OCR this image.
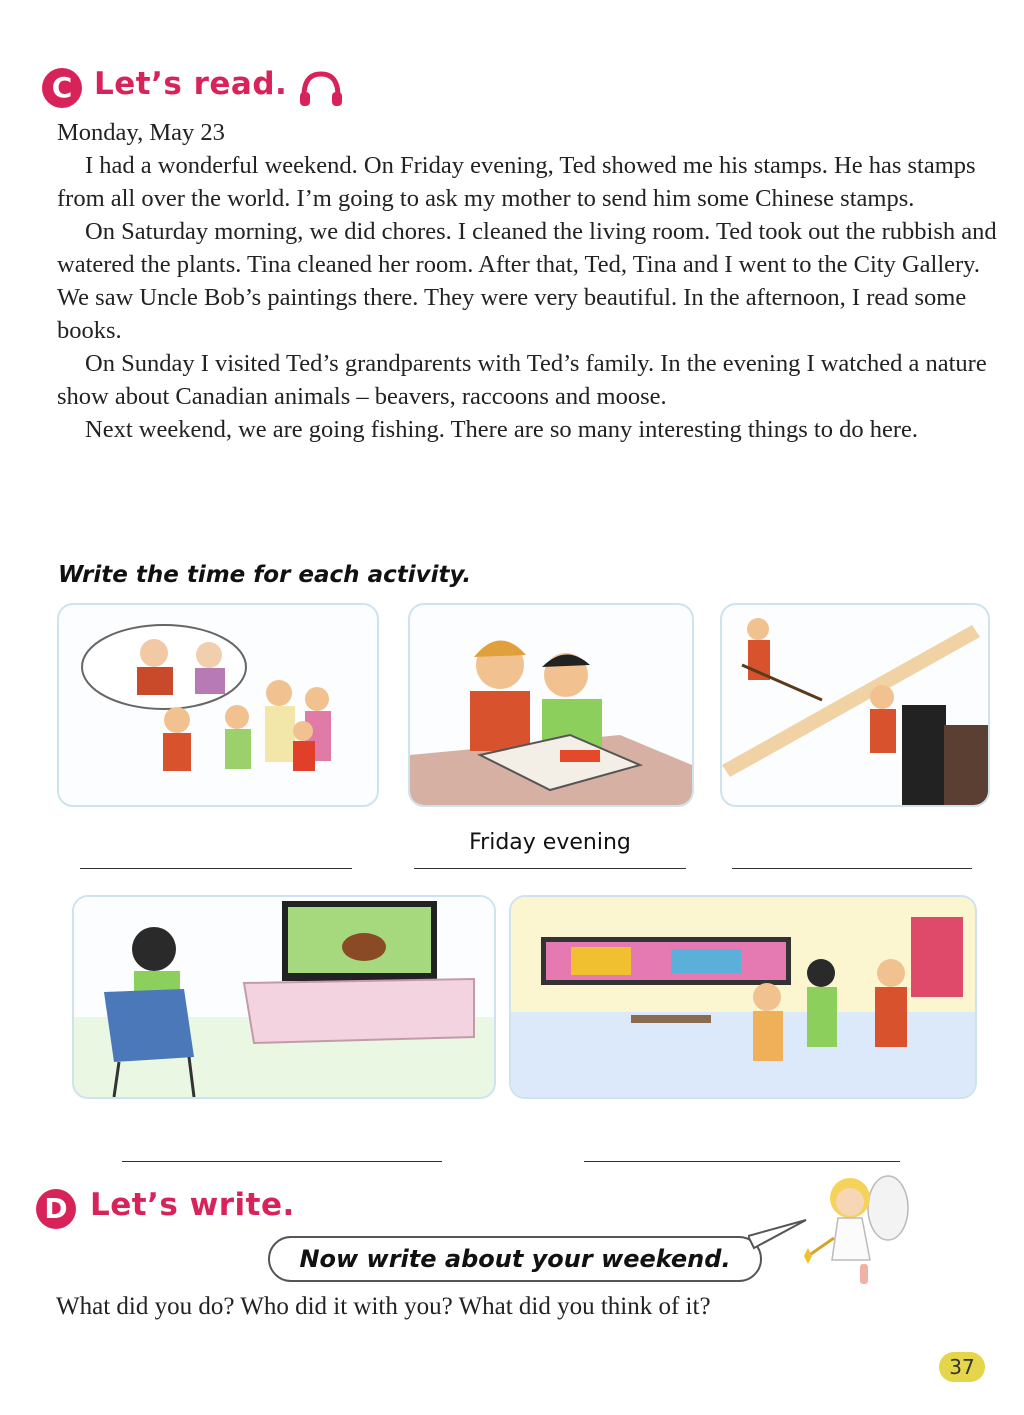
C Let’s read.

Monday, May 23

I had a wonderful weekend. On Friday evening, Ted showed me his stamps. He has stamps from all over the world. I’m going to ask my mother to send him some Chinese stamps.

On Saturday morning, we did chores. I cleaned the living room. Ted took out the rubbish and watered the plants. Tina cleaned her room. After that, Ted, Tina and I went to the City Gallery. We saw Uncle Bob’s paintings there. They were very beautiful. In the afternoon, I read some books.

On Sunday I visited Ted’s grandparents with Ted’s family. In the evening I watched a nature show about Canadian animals – beavers, raccoons and moose.

Next weekend, we are going fishing. There are so many interesting things to do here.

Write the time for each activity.
Friday evening
D Let’s write.
Now write about your weekend.
What did you do? Who did it with you? What did you think of it?
37
